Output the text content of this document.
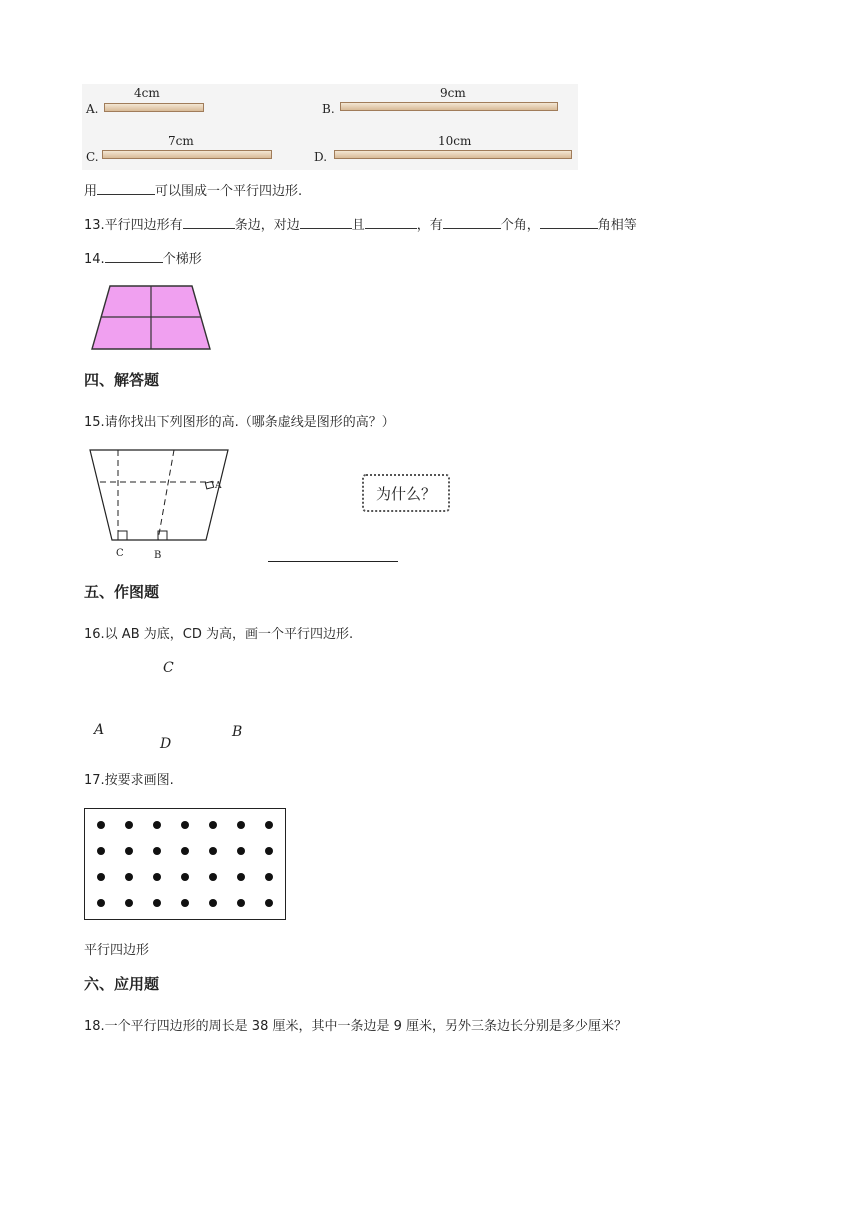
A.
4cm
B.
9cm
C.
7cm
D.
10cm
用	可以围成一个平行四边形.
13.平行四边形有	条边，对边	且	，有	个角，	角相等
14.	个梯形
四、解答题
15.请你找出下列图形的高.（哪条虚线是图形的高？）
A
C	B
为什么？
五、作图题
16.以 AB 为底，CD 为高，画一个平行四边形.
C
A
D
B
17.按要求画图.
平行四边形
六、应用题
18.一个平行四边形的周长是 38 厘米，其中一条边是 9 厘米，另外三条边长分别是多少厘米？
